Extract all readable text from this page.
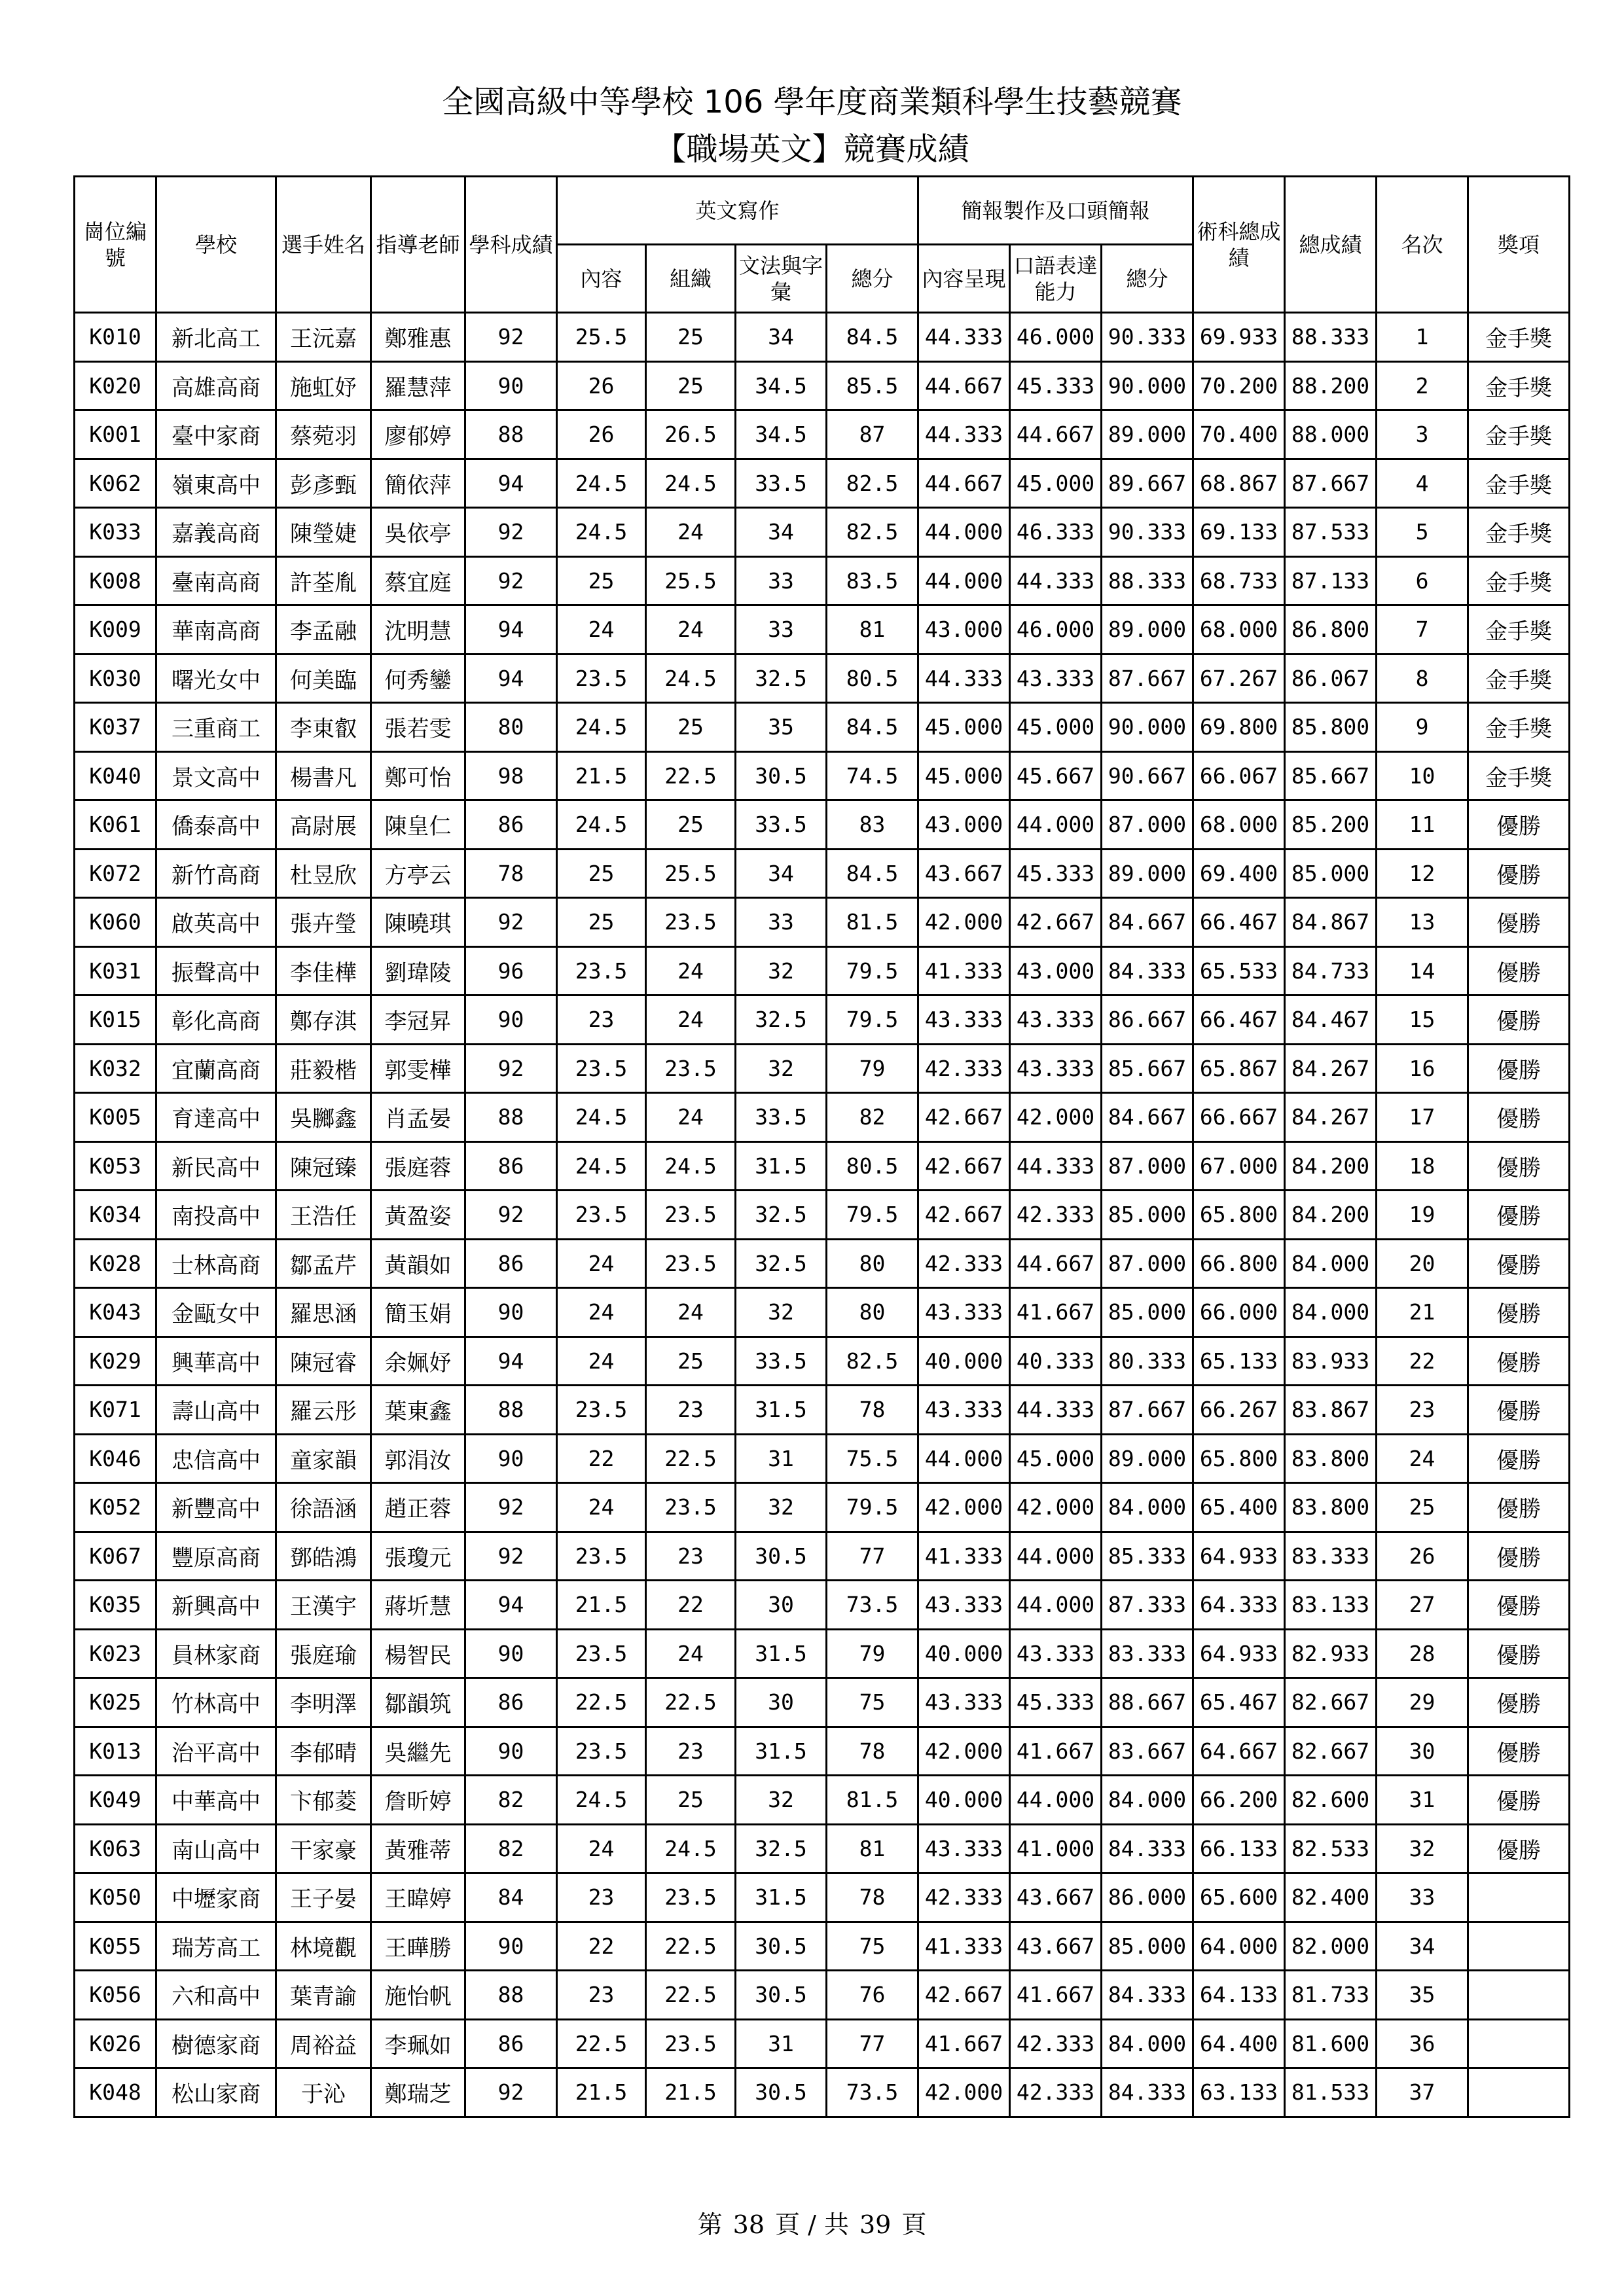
全國高級中等學校 106 學年度商業類科學生技藝競賽
【職場英文】競賽成績
崗位編號	學校	選手姓名	指導老師	學科成績	英文寫作				簡報製作及口頭簡報			術科總成績	總成績	名次	獎項
					內容	組織	文法與字彙	總分	內容呈現	口語表達能力	總分				
K010	新北高工	王沅嘉	鄭雅惠	92	25.5	25	34	84.5	44.333	46.000	90.333	69.933	88.333	1	金手獎
K020	高雄高商	施虹妤	羅慧萍	90	26	25	34.5	85.5	44.667	45.333	90.000	70.200	88.200	2	金手獎
K001	臺中家商	蔡菀羽	廖郁婷	88	26	26.5	34.5	87	44.333	44.667	89.000	70.400	88.000	3	金手獎
K062	嶺東高中	彭彥甄	簡依萍	94	24.5	24.5	33.5	82.5	44.667	45.000	89.667	68.867	87.667	4	金手獎
K033	嘉義高商	陳瑩婕	吳依亭	92	24.5	24	34	82.5	44.000	46.333	90.333	69.133	87.533	5	金手獎
K008	臺南高商	許荃胤	蔡宜庭	92	25	25.5	33	83.5	44.000	44.333	88.333	68.733	87.133	6	金手獎
K009	華南高商	李孟融	沈明慧	94	24	24	33	81	43.000	46.000	89.000	68.000	86.800	7	金手獎
K030	曙光女中	何美臨	何秀鑾	94	23.5	24.5	32.5	80.5	44.333	43.333	87.667	67.267	86.067	8	金手獎
K037	三重商工	李東叡	張若雯	80	24.5	25	35	84.5	45.000	45.000	90.000	69.800	85.800	9	金手獎
K040	景文高中	楊書凡	鄭可怡	98	21.5	22.5	30.5	74.5	45.000	45.667	90.667	66.067	85.667	10	金手獎
K061	僑泰高中	高尉展	陳皇仁	86	24.5	25	33.5	83	43.000	44.000	87.000	68.000	85.200	11	優勝
K072	新竹高商	杜昱欣	方亭云	78	25	25.5	34	84.5	43.667	45.333	89.000	69.400	85.000	12	優勝
K060	啟英高中	張卉瑩	陳曉琪	92	25	23.5	33	81.5	42.000	42.667	84.667	66.467	84.867	13	優勝
K031	振聲高中	李佳樺	劉瑋陵	96	23.5	24	32	79.5	41.333	43.000	84.333	65.533	84.733	14	優勝
K015	彰化高商	鄭存淇	李冠昇	90	23	24	32.5	79.5	43.333	43.333	86.667	66.467	84.467	15	優勝
K032	宜蘭高商	莊毅楷	郭雯樺	92	23.5	23.5	32	79	42.333	43.333	85.667	65.867	84.267	16	優勝
K005	育達高中	吳膷鑫	肖孟晏	88	24.5	24	33.5	82	42.667	42.000	84.667	66.667	84.267	17	優勝
K053	新民高中	陳冠臻	張庭蓉	86	24.5	24.5	31.5	80.5	42.667	44.333	87.000	67.000	84.200	18	優勝
K034	南投高中	王浩任	黃盈姿	92	23.5	23.5	32.5	79.5	42.667	42.333	85.000	65.800	84.200	19	優勝
K028	士林高商	鄒孟芹	黃韻如	86	24	23.5	32.5	80	42.333	44.667	87.000	66.800	84.000	20	優勝
K043	金甌女中	羅思涵	簡玉娟	90	24	24	32	80	43.333	41.667	85.000	66.000	84.000	21	優勝
K029	興華高中	陳冠睿	余姵妤	94	24	25	33.5	82.5	40.000	40.333	80.333	65.133	83.933	22	優勝
K071	壽山高中	羅云彤	葉東鑫	88	23.5	23	31.5	78	43.333	44.333	87.667	66.267	83.867	23	優勝
K046	忠信高中	童家韻	郭涓汝	90	22	22.5	31	75.5	44.000	45.000	89.000	65.800	83.800	24	優勝
K052	新豐高中	徐語涵	趙正蓉	92	24	23.5	32	79.5	42.000	42.000	84.000	65.400	83.800	25	優勝
K067	豐原高商	鄧皓鴻	張瓊元	92	23.5	23	30.5	77	41.333	44.000	85.333	64.933	83.333	26	優勝
K035	新興高中	王漢宇	蔣圻慧	94	21.5	22	30	73.5	43.333	44.000	87.333	64.333	83.133	27	優勝
K023	員林家商	張庭瑜	楊智民	90	23.5	24	31.5	79	40.000	43.333	83.333	64.933	82.933	28	優勝
K025	竹林高中	李明澤	鄒韻筑	86	22.5	22.5	30	75	43.333	45.333	88.667	65.467	82.667	29	優勝
K013	治平高中	李郁晴	吳繼先	90	23.5	23	31.5	78	42.000	41.667	83.667	64.667	82.667	30	優勝
K049	中華高中	卞郁菱	詹昕婷	82	24.5	25	32	81.5	40.000	44.000	84.000	66.200	82.600	31	優勝
K063	南山高中	干家豪	黃雅蒂	82	24	24.5	32.5	81	43.333	41.000	84.333	66.133	82.533	32	優勝
K050	中壢家商	王子晏	王暐婷	84	23	23.5	31.5	78	42.333	43.667	86.000	65.600	82.400	33	
K055	瑞芳高工	林境觀	王曄勝	90	22	22.5	30.5	75	41.333	43.667	85.000	64.000	82.000	34	
K056	六和高中	葉青諭	施怡帆	88	23	22.5	30.5	76	42.667	41.667	84.333	64.133	81.733	35	
K026	樹德家商	周裕益	李珮如	86	22.5	23.5	31	77	41.667	42.333	84.000	64.400	81.600	36	
K048	松山家商	于沁	鄭瑞芝	92	21.5	21.5	30.5	73.5	42.000	42.333	84.333	63.133	81.533	37	
第 38 頁 / 共 39 頁
